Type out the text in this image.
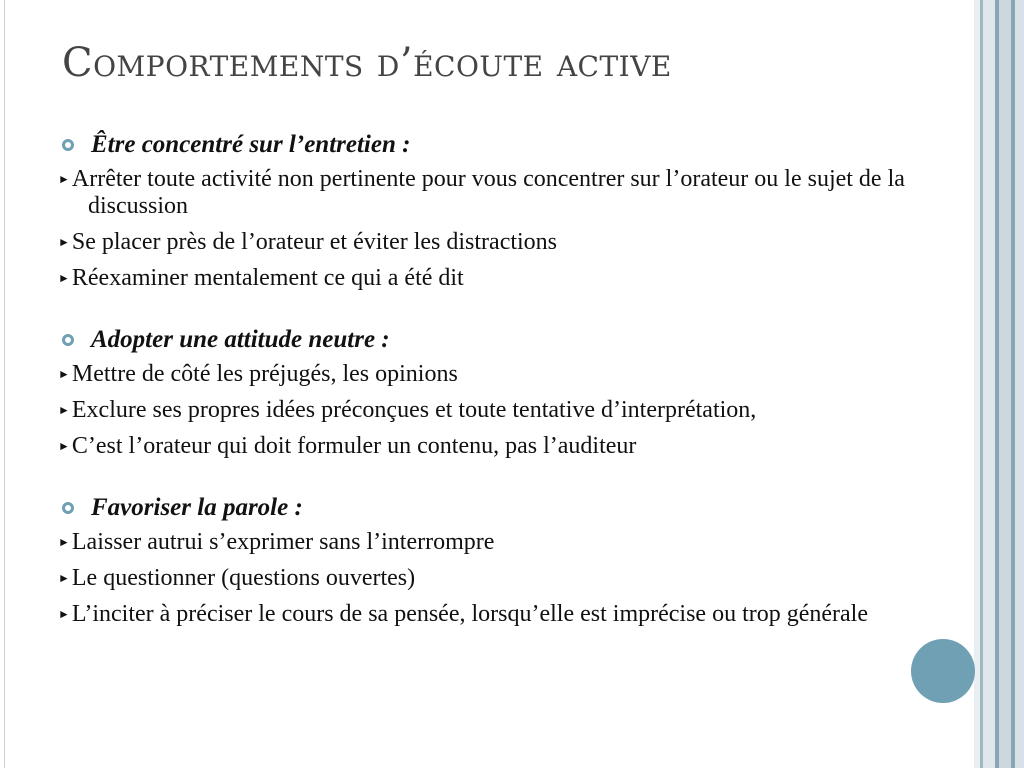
Comportements d’écoute active
Être concentré sur l’entretien :
►Arrêter toute activité non pertinente pour vous concentrer sur l’orateur ou le sujet de la discussion
►Se placer près de l’orateur et éviter les distractions
►Réexaminer mentalement ce qui a été dit
Adopter une attitude neutre :
►Mettre de côté les préjugés, les opinions
►Exclure ses propres idées préconçues et toute tentative d’interprétation,
►C’est l’orateur qui doit formuler un contenu, pas l’auditeur
Favoriser la parole :
►Laisser autrui s’exprimer sans l’interrompre
►Le questionner (questions ouvertes)
►L’inciter à préciser le cours de sa pensée, lorsqu’elle est imprécise ou trop générale
